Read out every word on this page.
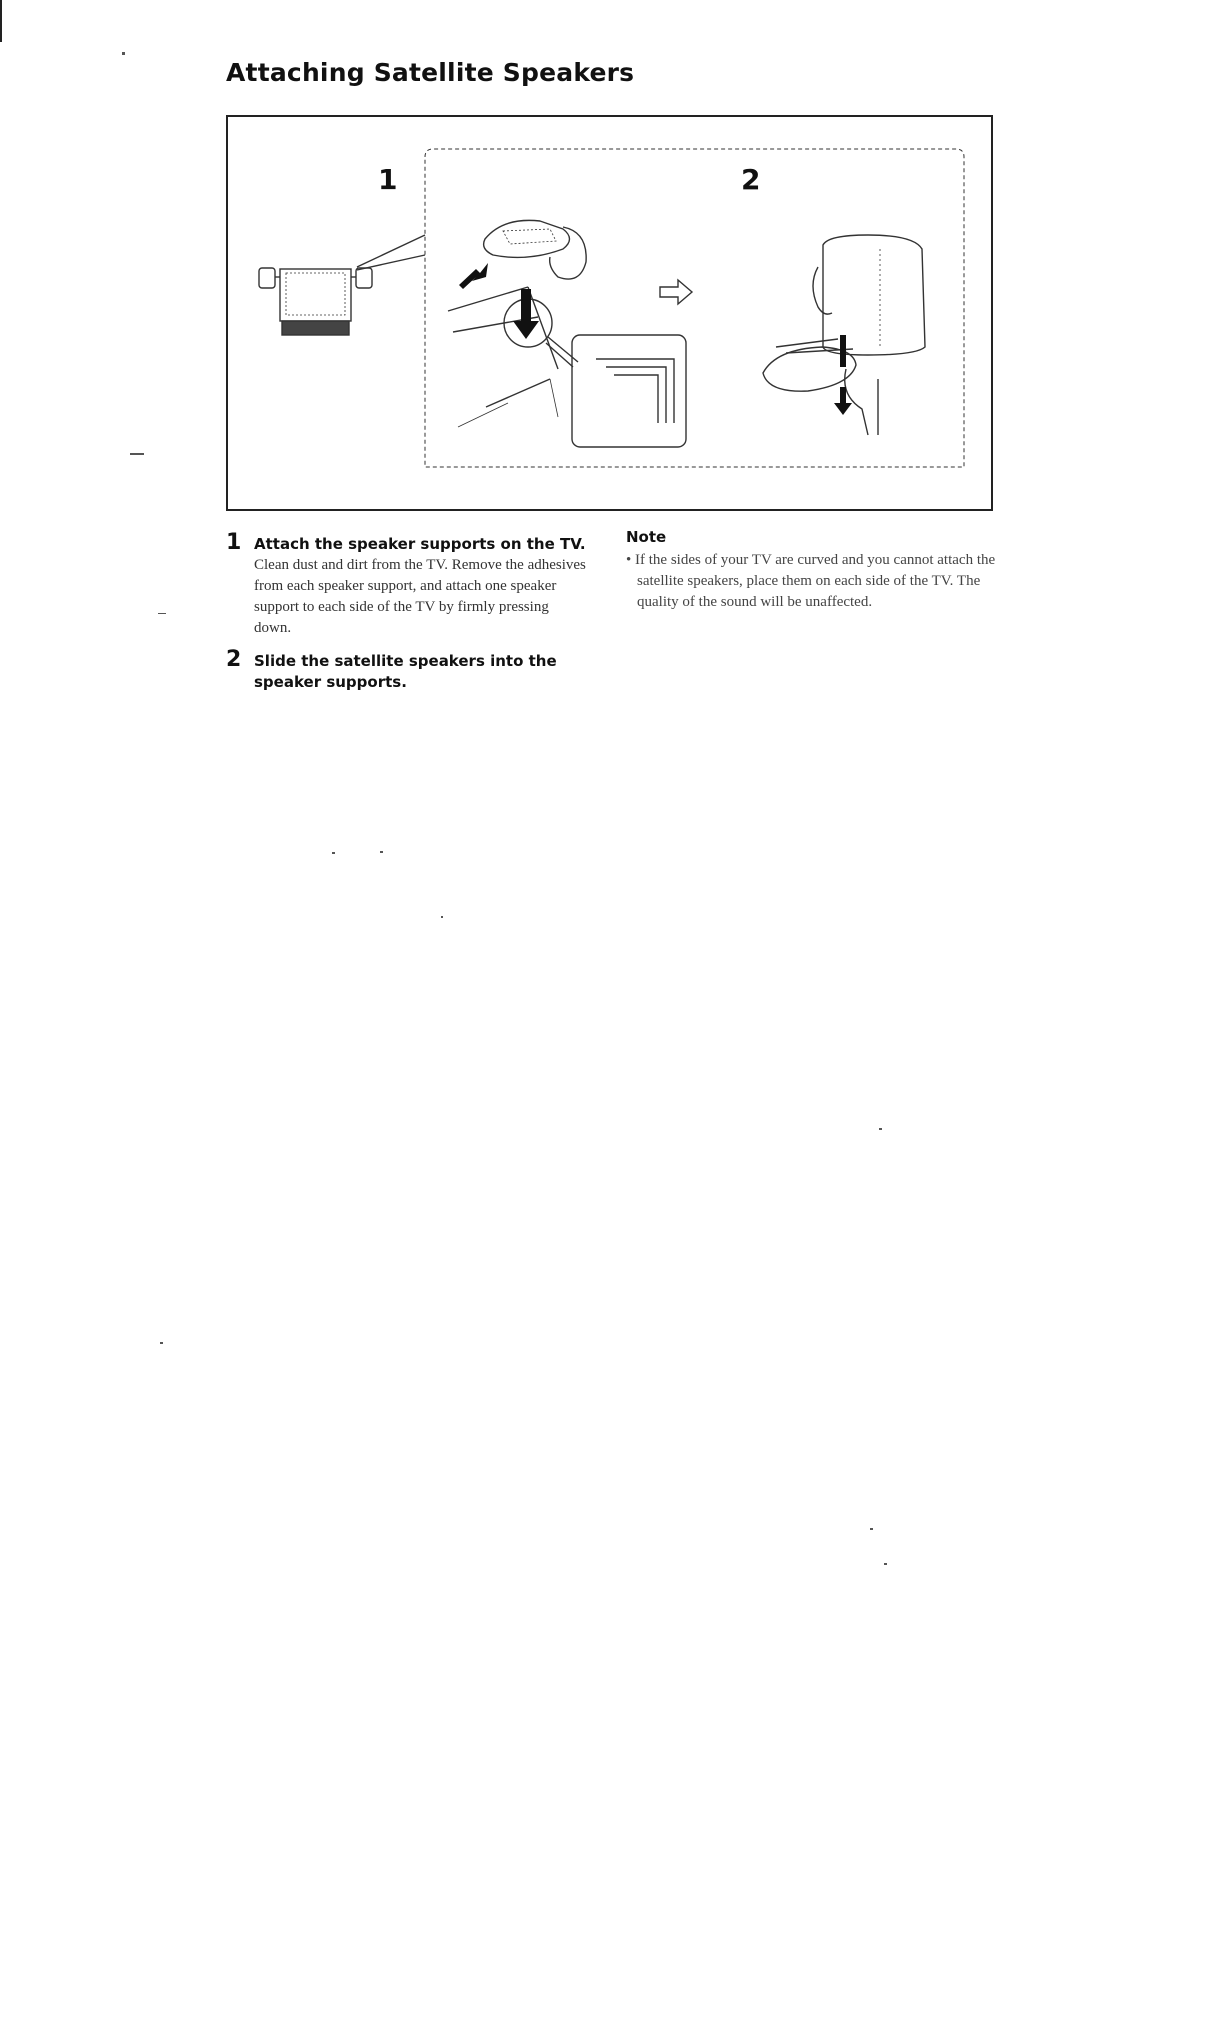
Attaching Satellite Speakers
1	2
1 Attach the speaker supports on the TV.
Clean dust and dirt from the TV. Remove the adhesives from each speaker support, and attach one speaker support to each side of the TV by firmly pressing down.
2 Slide the satellite speakers into the speaker supports.
Note
• If the sides of your TV are curved and you cannot attach the satellite speakers, place them on each side of the TV. The quality of the sound will be unaffected.
